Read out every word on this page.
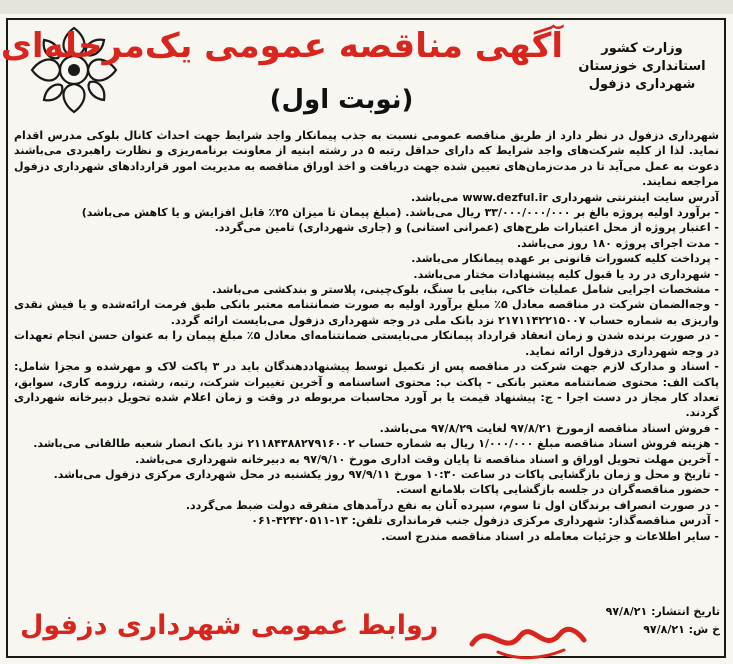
وزارت کشور
استانداری خوزستان
شهرداری دزفول
آگهی مناقصه عمومی یک‌مرحله‌ای
(نوبت اول)

شهرداری دزفول در نظر دارد از طریق مناقصه عمومی نسبت به جذب پیمانکار واجد شرایط جهت احداث کانال بلوکی مدرس اقدام نماید. لذا از کلیه شرکت‌های واجد شرایط که دارای حداقل رتبه ۵ در رشته ابنیه از معاونت برنامه‌ریزی و نظارت راهبردی می‌باشند دعوت به عمل می‌آید تا در مدت‌زمان‌های تعیین شده جهت دریافت و اخذ اوراق مناقصه به مدیریت امور قراردادهای شهرداری دزفول مراجعه نمایند.

آدرس سایت اینترنتی شهرداری www.dezful.ir می‌باشد.

- برآورد اولیه پروژه بالغ بر ۳۳/۰۰۰/۰۰۰/۰۰۰ ریال می‌باشد. (مبلغ پیمان تا میزان ۲۵٪ قابل افزایش و یا کاهش می‌باشد)

- اعتبار پروژه از محل اعتبارات طرح‌های (عمرانی استانی) و (جاری شهرداری) تامین می‌گردد.

- مدت اجرای پروژه ۱۸۰ روز می‌باشد.

- پرداخت کلیه کسورات قانونی بر عهده پیمانکار می‌باشد.

- شهرداری در رد یا قبول کلیه پیشنهادات مختار می‌باشد.

- مشخصات اجرایی شامل عملیات خاکی، بنایی با سنگ، بلوک‌چینی، پلاستر و بندکشی می‌باشد.

- وجه‌الضمان شرکت در مناقصه معادل ۵٪ مبلغ برآورد اولیه به صورت ضمانتنامه معتبر بانکی طبق فرمت ارائه‌شده و یا فیش نقدی واریزی به شماره حساب ۲۱۷۱۱۴۲۲۱۵۰۰۷ نزد بانک ملی در وجه شهرداری دزفول می‌بایست ارائه گردد.

- در صورت برنده شدن و زمان انعقاد قرارداد پیمانکار می‌بایستی ضمانتنامه‌ای معادل ۵٪ مبلغ پیمان را به عنوان حسن انجام تعهدات در وجه شهرداری دزفول ارائه نماید.

- اسناد و مدارک لازم جهت شرکت در مناقصه پس از تکمیل توسط پیشنهاددهندگان باید در ۳ پاکت لاک و مهرشده و مجزا شامل: پاکت الف: محتوی ضمانتنامه معتبر بانکی - پاکت ب: محتوی اساسنامه و آخرین تغییرات شرکت، رتبه، رشته، رزومه کاری، سوابق، تعداد کار مجاز در دست اجرا - ج: پیشنهاد قیمت یا بر آورد محاسبات مربوطه در وقت و زمان اعلام شده تحویل دبیرخانه شهرداری گردند.

- فروش اسناد مناقصه ازمورخ ۹۷/۸/۲۱ لغایت ۹۷/۸/۲۹ می‌باشد.

- هزینه فروش اسناد مناقصه مبلغ ۱/۰۰۰/۰۰۰ ریال به شماره حساب ۲۱۱۸۴۳۸۸۲۷۹۱۶۰۰۲ نزد بانک انصار شعبه طالقانی می‌باشد.

- آخرین مهلت تحویل اوراق و اسناد مناقصه تا پایان وقت اداری مورخ ۹۷/۹/۱۰ به دبیرخانه شهرداری می‌باشد.

- تاریخ و محل و زمان بازگشایی پاکات در ساعت ۱۰:۳۰ مورخ ۹۷/۹/۱۱ روز یکشنبه در محل شهرداری مرکزی دزفول می‌باشد.

- حضور مناقصه‌گران در جلسه بازگشایی پاکات بلامانع است.

- در صورت انصراف برندگان اول تا سوم، سپرده آنان به نفع درآمدهای متفرقه دولت ضبط می‌گردد.

- آدرس مناقصه‌گذار: شهرداری مرکزی دزفول جنب فرمانداری تلفن: ۱۳-۴۲۴۲۰۵۱۱-۰۶۱

- سایر اطلاعات و جزئیات معامله در اسناد مناقصه مندرج است.

تاریخ انتشار: ۹۷/۸/۲۱
خ ش: ۹۷/۸/۲۱
روابط عمومی شهرداری دزفول
